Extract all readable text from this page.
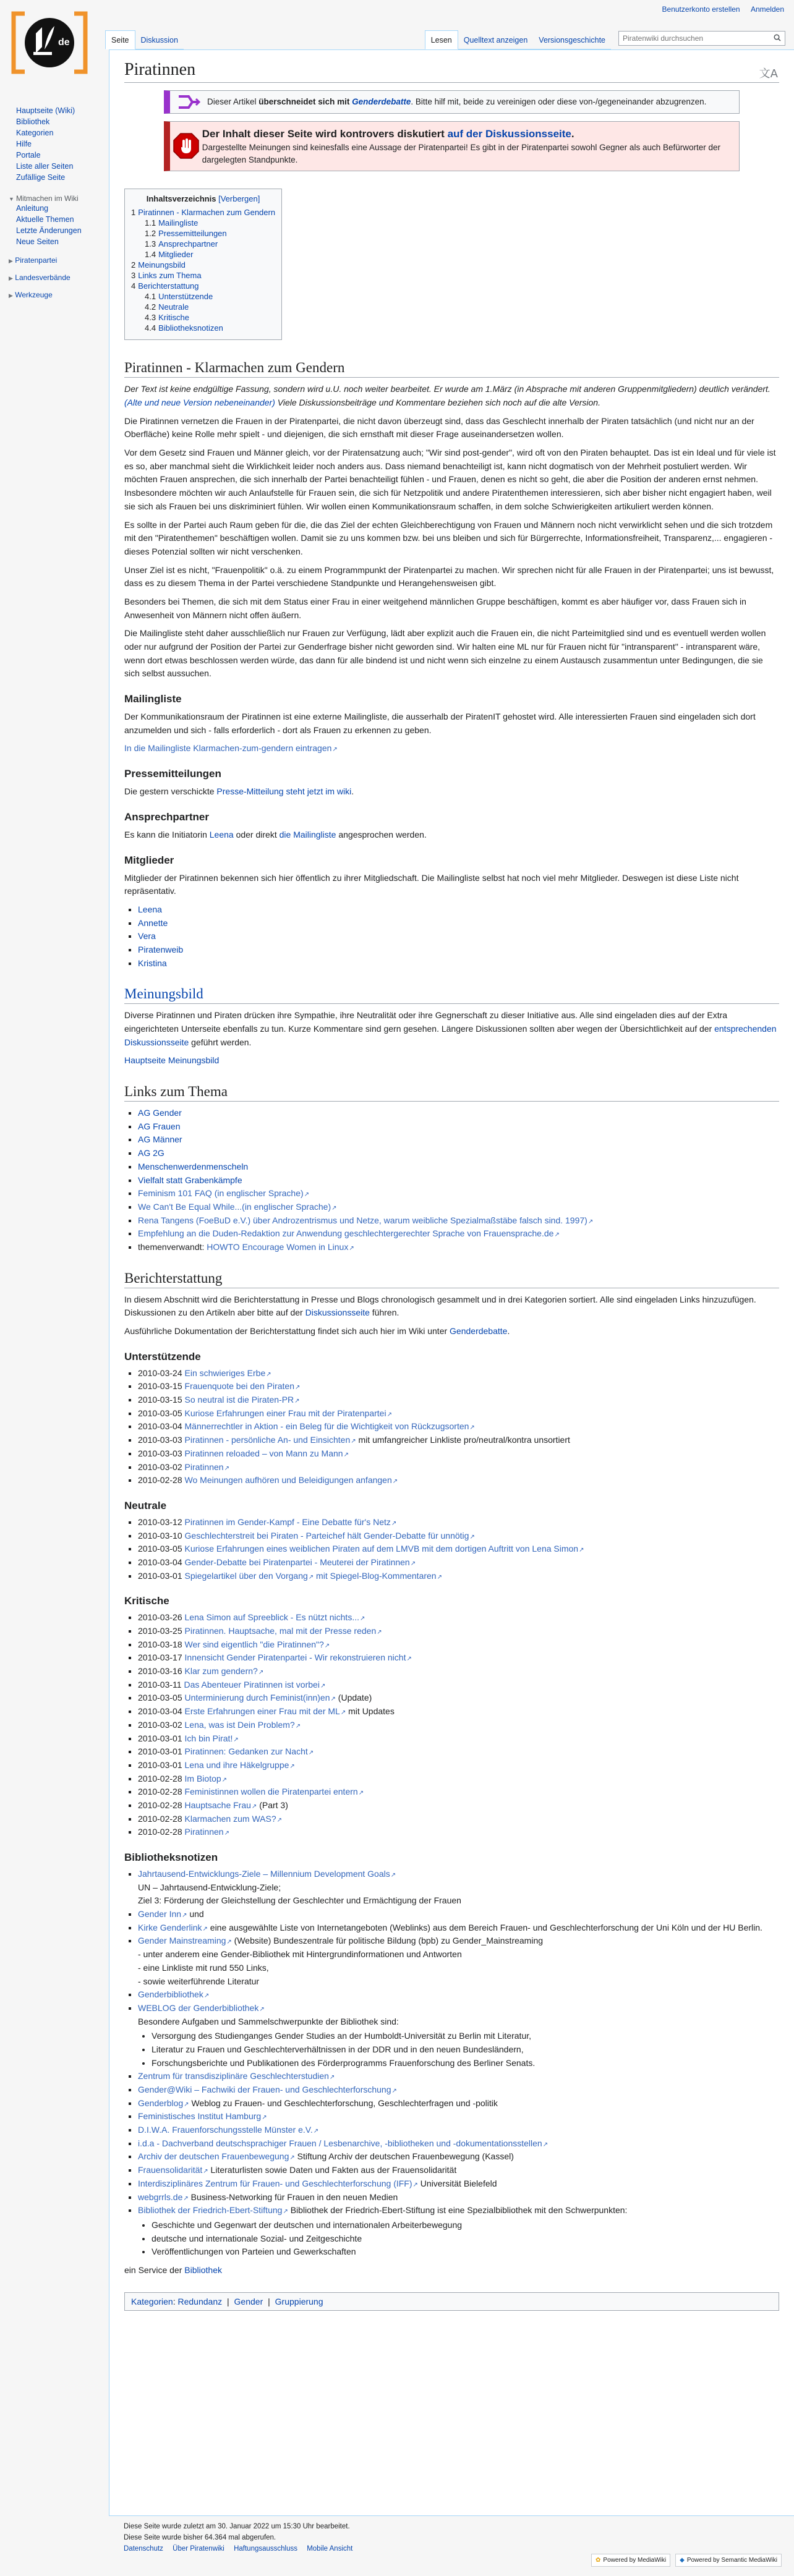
Benutzerkonto erstellen Anmelden
de	Seite	Diskussion	Lesen	Quelltext anzeigen	Versionsgeschichte
Piratenwiki durchsuchen
Hauptseite (Wiki)
Bibliothek
Kategorien
Hilfe
Portale
Liste aller Seiten
Zufällige Seite
▼ Mitmachen im Wiki
Anleitung
Aktuelle Themen
Letzte Änderungen
Neue Seiten
▶ Piratenpartei
▶ Landesverbände
▶ Werkzeuge
Piratinnen	文A
Dieser Artikel überschneidet sich mit Genderdebatte. Bitte hilf mit, beide zu vereinigen oder diese von-/gegeneinander abzugrenzen.
Der Inhalt dieser Seite wird kontrovers diskutiert auf der Diskussionsseite.
Dargestellte Meinungen sind keinesfalls eine Aussage der Piratenpartei! Es gibt in der Piratenpartei sowohl Gegner als auch Befürworter der dargelegten Standpunkte.
Inhaltsverzeichnis [Verbergen]
1 Piratinnen - Klarmachen zum Gendern
1.1 Mailingliste
1.2 Pressemitteilungen
1.3 Ansprechpartner
1.4 Mitglieder
2 Meinungsbild
3 Links zum Thema
4 Berichterstattung
4.1 Unterstützende
4.2 Neutrale
4.3 Kritische
4.4 Bibliotheksnotizen
Piratinnen - Klarmachen zum Gendern

Der Text ist keine endgültige Fassung, sondern wird u.U. noch weiter bearbeitet. Er wurde am 1.März (in Absprache mit anderen Gruppenmitgliedern) deutlich verändert. (Alte und neue Version nebeneinander) Viele Diskussionsbeiträge und Kommentare beziehen sich noch auf die alte Version.

Die Piratinnen vernetzen die Frauen in der Piratenpartei, die nicht davon überzeugt sind, dass das Geschlecht innerhalb der Piraten tatsächlich (und nicht nur an der Oberfläche) keine Rolle mehr spielt - und diejenigen, die sich ernsthaft mit dieser Frage auseinandersetzen wollen.

Vor dem Gesetz sind Frauen und Männer gleich, vor der Piratensatzung auch; "Wir sind post-gender", wird oft von den Piraten behauptet. Das ist ein Ideal und für viele ist es so, aber manchmal sieht die Wirklichkeit leider noch anders aus. Dass niemand benachteiligt ist, kann nicht dogmatisch von der Mehrheit postuliert werden. Wir möchten Frauen ansprechen, die sich innerhalb der Partei benachteiligt fühlen - und Frauen, denen es nicht so geht, die aber die Position der anderen ernst nehmen. Insbesondere möchten wir auch Anlaufstelle für Frauen sein, die sich für Netzpolitik und andere Piratenthemen interessieren, sich aber bisher nicht engagiert haben, weil sie sich als Frauen bei uns diskriminiert fühlen. Wir wollen einen Kommunikationsraum schaffen, in dem solche Schwierigkeiten artikuliert werden können.

Es sollte in der Partei auch Raum geben für die, die das Ziel der echten Gleichberechtigung von Frauen und Männern noch nicht verwirklicht sehen und die sich trotzdem mit den "Piratenthemen" beschäftigen wollen. Damit sie zu uns kommen bzw. bei uns bleiben und sich für Bürgerrechte, Informationsfreiheit, Transparenz,... engagieren - dieses Potenzial sollten wir nicht verschenken.

Unser Ziel ist es nicht, "Frauenpolitik" o.ä. zu einem Programmpunkt der Piratenpartei zu machen. Wir sprechen nicht für alle Frauen in der Piratenpartei; uns ist bewusst, dass es zu diesem Thema in der Partei verschiedene Standpunkte und Herangehensweisen gibt.

Besonders bei Themen, die sich mit dem Status einer Frau in einer weitgehend männlichen Gruppe beschäftigen, kommt es aber häufiger vor, dass Frauen sich in Anwesenheit von Männern nicht offen äußern.

Die Mailingliste steht daher ausschließlich nur Frauen zur Verfügung, lädt aber explizit auch die Frauen ein, die nicht Parteimitglied sind und es eventuell werden wollen oder nur aufgrund der Position der Partei zur Genderfrage bisher nicht geworden sind. Wir halten eine ML nur für Frauen nicht für "intransparent" - intransparent wäre, wenn dort etwas beschlossen werden würde, das dann für alle bindend ist und nicht wenn sich einzelne zu einem Austausch zusammentun unter Bedingungen, die sie sich selbst aussuchen.

Mailingliste

Der Kommunikationsraum der Piratinnen ist eine externe Mailingliste, die ausserhalb der PiratenIT gehostet wird. Alle interessierten Frauen sind eingeladen sich dort anzumelden und sich - falls erforderlich - dort als Frauen zu erkennen zu geben.

In die Mailingliste Klarmachen-zum-gendern eintragen ↗

Pressemitteilungen

Die gestern verschickte Presse-Mitteilung steht jetzt im wiki.

Ansprechpartner

Es kann die Initiatorin Leena oder direkt die Mailingliste angesprochen werden.

Mitglieder

Mitglieder der Piratinnen bekennen sich hier öffentlich zu ihrer Mitgliedschaft. Die Mailingliste selbst hat noch viel mehr Mitglieder. Deswegen ist diese Liste nicht repräsentativ.

▪ Leena
▪ Annette
▪ Vera
▪ Piratenweib
▪ Kristina
Meinungsbild

Diverse Piratinnen und Piraten drücken ihre Sympathie, ihre Neutralität oder ihre Gegnerschaft zu dieser Initiative aus. Alle sind eingeladen dies auf der Extra eingerichteten Unterseite ebenfalls zu tun. Kurze Kommentare sind gern gesehen. Längere Diskussionen sollten aber wegen der Übersichtlichkeit auf der entsprechenden Diskussionsseite geführt werden.

Hauptseite Meinungsbild

Links zum Thema
▪ AG Gender
▪ AG Frauen
▪ AG Männer
▪ AG 2G
▪ Menschenwerdenmenscheln
▪ Vielfalt statt Grabenkämpfe
▪ Feminism 101 FAQ (in englischer Sprache) ↗
▪ We Can't Be Equal While...(in englischer Sprache) ↗
▪ Rena Tangens (FoeBuD e.V.) über Androzentrismus und Netze, warum weibliche Spezialmaßstäbe falsch sind. 1997) ↗
▪ Empfehlung an die Duden-Redaktion zur Anwendung geschlechtergerechter Sprache von Frauensprache.de ↗
▪ themenverwandt: HOWTO Encourage Women in Linux ↗
Berichterstattung

In diesem Abschnitt wird die Berichterstattung in Presse und Blogs chronologisch gesammelt und in drei Kategorien sortiert. Alle sind eingeladen Links hinzuzufügen. Diskussionen zu den Artikeln aber bitte auf der Diskussionsseite führen.

Ausführliche Dokumentation der Berichterstattung findet sich auch hier im Wiki unter Genderdebatte.

Unterstützende
▪ 2010-03-24 Ein schwieriges Erbe ↗
▪ 2010-03-15 Frauenquote bei den Piraten ↗
▪ 2010-03-15 So neutral ist die Piraten-PR ↗
▪ 2010-03-05 Kuriose Erfahrungen einer Frau mit der Piratenpartei ↗
▪ 2010-03-04 Männerrechtler in Aktion - ein Beleg für die Wichtigkeit von Rückzugsorten ↗
▪ 2010-03-03 Piratinnen - persönliche An- und Einsichten ↗ mit umfangreicher Linkliste pro/neutral/kontra unsortiert
▪ 2010-03-03 Piratinnen reloaded – von Mann zu Mann ↗
▪ 2010-03-02 Piratinnen ↗
▪ 2010-02-28 Wo Meinungen aufhören und Beleidigungen anfangen ↗
Neutrale
▪ 2010-03-12 Piratinnen im Gender-Kampf - Eine Debatte für's Netz ↗
▪ 2010-03-10 Geschlechterstreit bei Piraten - Parteichef hält Gender-Debatte für unnötig ↗
▪ 2010-03-05 Kuriose Erfahrungen eines weiblichen Piraten auf dem LMVB mit dem dortigen Auftritt von Lena Simon ↗
▪ 2010-03-04 Gender-Debatte bei Piratenpartei - Meuterei der Piratinnen ↗
▪ 2010-03-01 Spiegelartikel über den Vorgang ↗ mit Spiegel-Blog-Kommentaren ↗
Kritische
▪ 2010-03-26 Lena Simon auf Spreeblick - Es nützt nichts... ↗
▪ 2010-03-25 Piratinnen. Hauptsache, mal mit der Presse reden ↗
▪ 2010-03-18 Wer sind eigentlich "die Piratinnen"? ↗
▪ 2010-03-17 Innensicht Gender Piratenpartei - Wir rekonstruieren nicht ↗
▪ 2010-03-16 Klar zum gendern? ↗
▪ 2010-03-11 Das Abenteuer Piratinnen ist vorbei ↗
▪ 2010-03-05 Unterminierung durch Feminist(inn)en ↗ (Update)
▪ 2010-03-04 Erste Erfahrungen einer Frau mit der ML ↗ mit Updates
▪ 2010-03-02 Lena, was ist Dein Problem? ↗
▪ 2010-03-01 Ich bin Pirat! ↗
▪ 2010-03-01 Piratinnen: Gedanken zur Nacht ↗
▪ 2010-03-01 Lena und ihre Häkelgruppe ↗
▪ 2010-02-28 Im Biotop ↗
▪ 2010-02-28 Feministinnen wollen die Piratenpartei entern ↗
▪ 2010-02-28 Hauptsache Frau ↗ (Part 3)
▪ 2010-02-28 Klarmachen zum WAS? ↗
▪ 2010-02-28 Piratinnen ↗
Bibliotheksnotizen
▪ Jahrtausend-Entwicklungs-Ziele – Millennium Development Goals ↗
UN – Jahrtausend-Entwicklung-Ziele;
Ziel 3: Förderung der Gleichstellung der Geschlechter und Ermächtigung der Frauen
▪ Gender Inn ↗ und
▪ Kirke Genderlink ↗ eine ausgewählte Liste von Internetangeboten (Weblinks) aus dem Bereich Frauen- und Geschlechterforschung der Uni Köln und der HU Berlin.
▪ Gender Mainstreaming ↗ (Website) Bundeszentrale für politische Bildung (bpb) zu Gender_Mainstreaming
- unter anderem eine Gender-Bibliothek mit Hintergrundinformationen und Antworten
- eine Linkliste mit rund 550 Links,
- sowie weiterführende Literatur
▪ Genderbibliothek ↗
▪ WEBLOG der Genderbibliothek ↗
Besondere Aufgaben und Sammelschwerpunkte der Bibliothek sind:
• Versorgung des Studienganges Gender Studies an der Humboldt-Universität zu Berlin mit Literatur,
• Literatur zu Frauen und Geschlechterverhältnissen in der DDR und in den neuen Bundesländern,
• Forschungsberichte und Publikationen des Förderprogramms Frauenforschung des Berliner Senats.
▪ Zentrum für transdisziplinäre Geschlechterstudien ↗
▪ Gender@Wiki – Fachwiki der Frauen- und Geschlechterforschung ↗
▪ Genderblog ↗ Weblog zu Frauen- und Geschlechterforschung, Geschlechterfragen und -politik
▪ Feministisches Institut Hamburg ↗
▪ D.I.W.A. Frauenforschungsstelle Münster e.V. ↗
▪ i.d.a - Dachverband deutschsprachiger Frauen / Lesbenarchive, -bibliotheken und -dokumentationsstellen ↗
▪ Archiv der deutschen Frauenbewegung ↗ Stiftung Archiv der deutschen Frauenbewegung (Kassel)
▪ Frauensolidarität ↗ Literaturlisten sowie Daten und Fakten aus der Frauensolidarität
▪ Interdisziplinäres Zentrum für Frauen- und Geschlechterforschung (IFF) ↗ Universität Bielefeld
▪ webgrrls.de ↗ Business-Networking für Frauen in den neuen Medien
▪ Bibliothek der Friedrich-Ebert-Stiftung ↗ Bibliothek der Friedrich-Ebert-Stiftung ist eine Spezialbibliothek mit den Schwerpunkten:
• Geschichte und Gegenwart der deutschen und internationalen Arbeiterbewegung
• deutsche und internationale Sozial- und Zeitgeschichte
• Veröffentlichungen von Parteien und Gewerkschaften

ein Service der Bibliothek

Kategorien: Redundanz | Gender | Gruppierung
Diese Seite wurde zuletzt am 30. Januar 2022 um 15:30 Uhr bearbeitet.
Diese Seite wurde bisher 64.364 mal abgerufen.
Datenschutz Über Piratenwiki Haftungsausschluss Mobile Ansicht
✿ Powered by MediaWiki ◆ Powered by Semantic MediaWiki
